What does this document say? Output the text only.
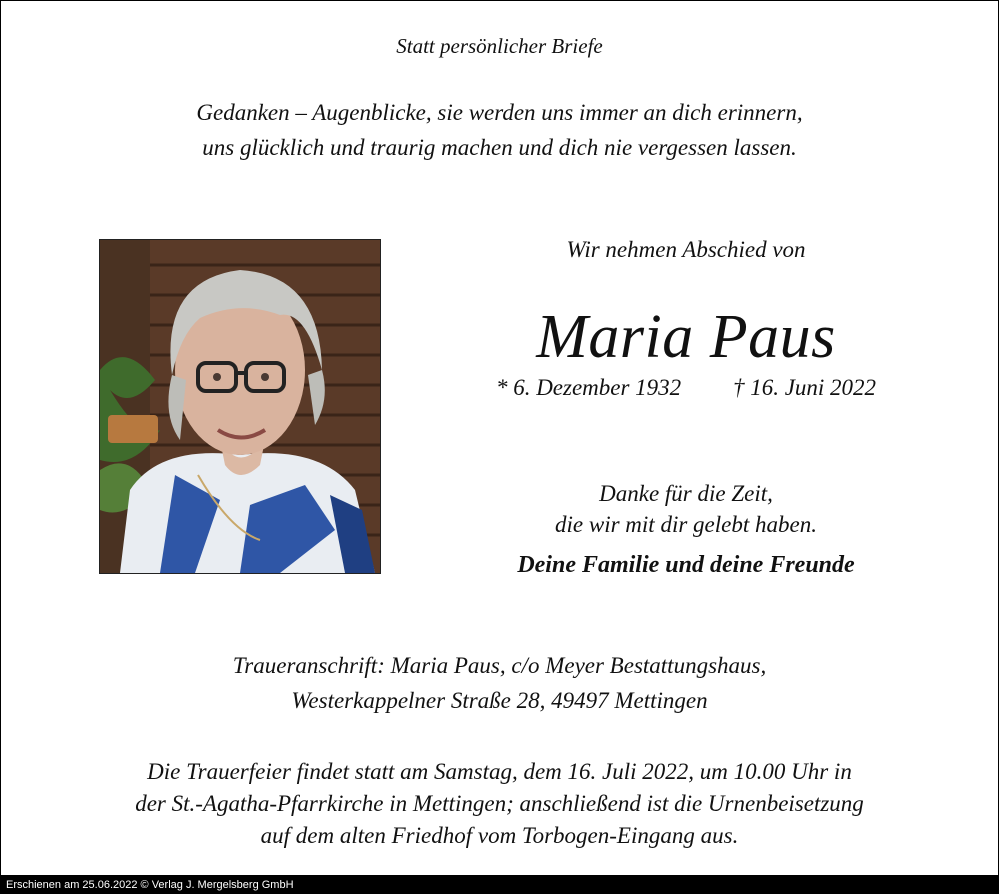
Statt persönlicher Briefe
Gedanken – Augenblicke, sie werden uns immer an dich erinnern,
uns glücklich und traurig machen und dich nie vergessen lassen.
Wir nehmen Abschied von
Maria Paus
* 6. Dezember 1932 † 16. Juni 2022
Danke für die Zeit,
die wir mit dir gelebt haben.
Deine Familie und deine Freunde
Traueranschrift: Maria Paus, c/o Meyer Bestattungshaus,
Westerkappelner Straße 28, 49497 Mettingen
Die Trauerfeier findet statt am Samstag, dem 16. Juli 2022, um 10.00 Uhr in
der St.-Agatha-Pfarrkirche in Mettingen; anschließend ist die Urnenbeisetzung
auf dem alten Friedhof vom Torbogen-Eingang aus.
Erschienen am 25.06.2022 © Verlag J. Mergelsberg GmbH
